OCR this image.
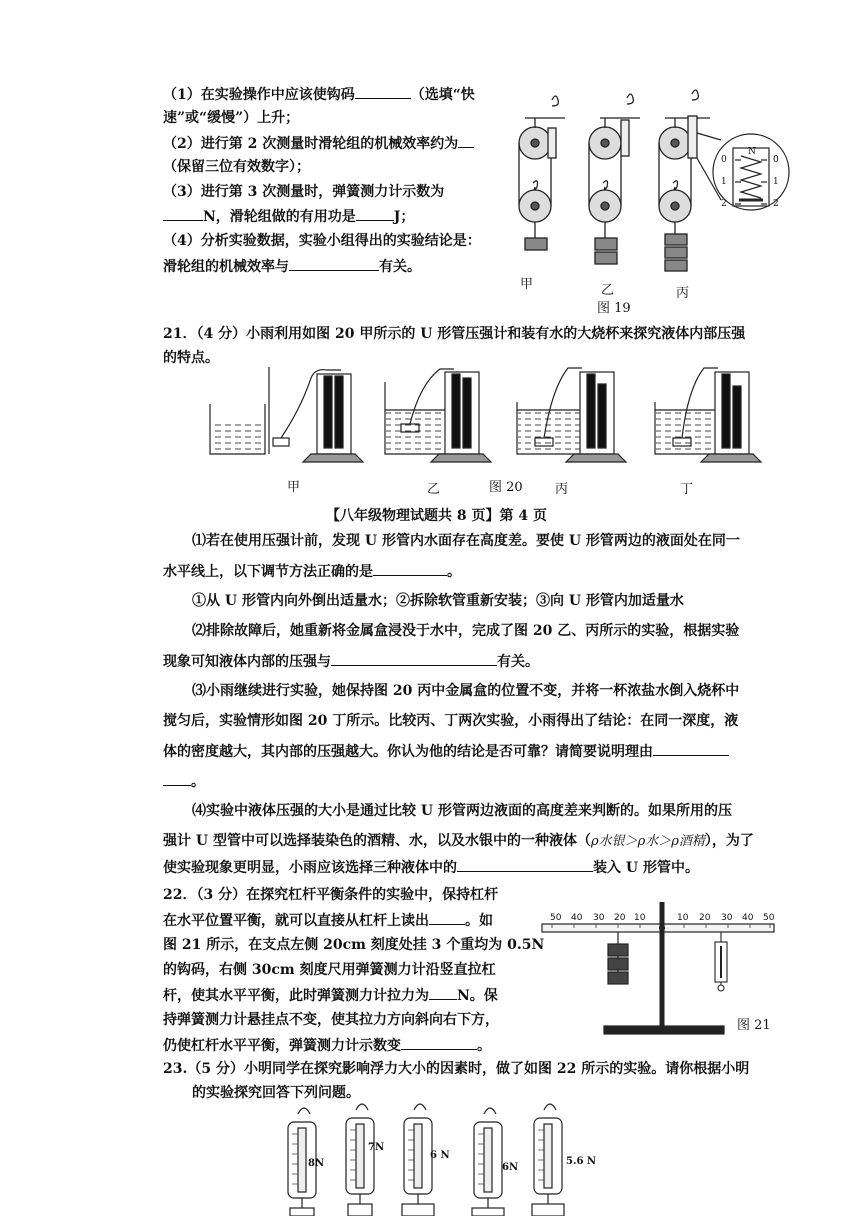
（1）在实验操作中应该使钩码	（选填“快
速”或“缓慢”）上升；
（2）进行第 2 次测量时滑轮组的机械效率约为
（保留三位有效数字）；
（3）进行第 3 次测量时，弹簧测力计示数为
N，滑轮组做的有用功是	J；
（4）分析实验数据，实验小组得出的实验结论是：
滑轮组的机械效率与	有关。
0
1
2
0
1
2
N
甲	乙	丙
图 19
21．（4 分）小雨利用如图 20 甲所示的 U 形管压强计和装有水的大烧杯来探究液体内部压强
的特点。
甲	乙	图 20 丙	丁
【八年级物理试题共 8 页】第 4 页
⑴若在使用压强计前，发现 U 形管内水面存在高度差。要使 U 形管两边的液面处在同一
水平线上，以下调节方法正确的是	。
①从 U 形管内向外倒出适量水；②拆除软管重新安装；③向 U 形管内加适量水
⑵排除故障后，她重新将金属盒浸没于水中，完成了图 20 乙、丙所示的实验，根据实验
现象可知液体内部的压强与	有关。
⑶小雨继续进行实验，她保持图 20 丙中金属盒的位置不变，并将一杯浓盐水倒入烧杯中
搅匀后，实验情形如图 20 丁所示。比较丙、丁两次实验，小雨得出了结论：在同一深度，液
体的密度越大，其内部的压强越大。你认为他的结论是否可靠？请简要说明理由
。
⑷实验中液体压强的大小是通过比较 U 形管两边液面的高度差来判断的。如果所用的压
强计 U 型管中可以选择装染色的酒精、水，以及水银中的一种液体（ρ水银＞ρ水＞ρ酒精），为了
使实验现象更明显，小雨应该选择三种液体中的	装入 U 形管中。
22．（3 分）在探究杠杆平衡条件的实验中，保持杠杆
在水平位置平衡，就可以直接从杠杆上读出	。如
图 21 所示，在支点左侧 20cm 刻度处挂 3 个重均为 0.5N
的钩码，右侧 30cm 刻度尺用弹簧测力计沿竖直拉杠
杆，使其水平平衡，此时弹簧测力计拉力为 N。保
持弹簧测力计悬挂点不变，使其拉力方向斜向右下方，
仍使杠杆水平平衡，弹簧测力计示数变	。
50 40 30 20 10	10 20 30 40 50
图 21
23.（5 分）小明同学在探究影响浮力大小的因素时，做了如图 22 所示的实验。请你根据小明
的实验探究回答下列问题。
8N
7N
6 N
6N
5.6 N
